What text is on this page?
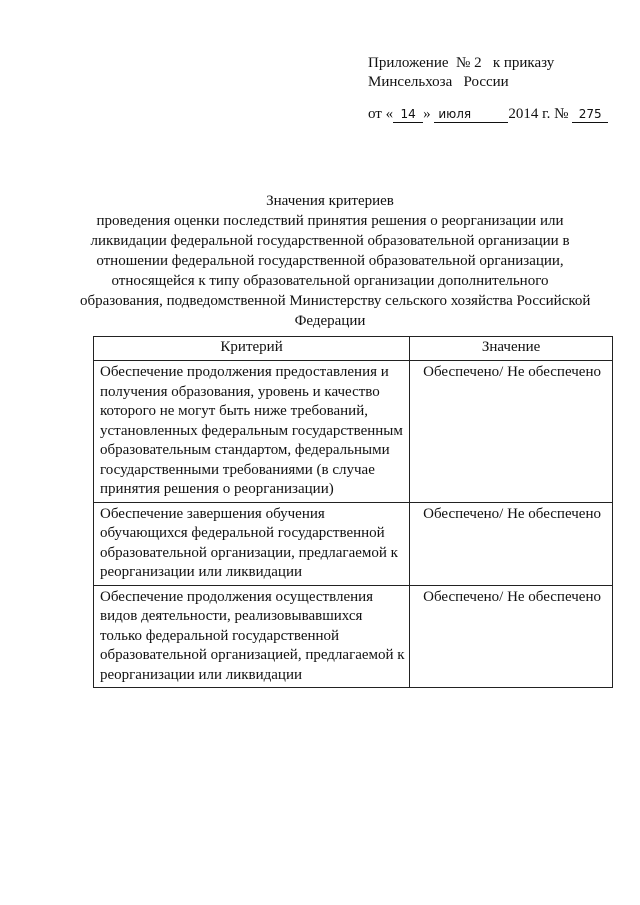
Приложение  № 2   к приказу
Минсельхоза   России
от « 14 » июля 2014 г. № 275
Значения критериев
проведения оценки последствий принятия решения о реорганизации или
ликвидации федеральной государственной образовательной организации в
отношении федеральной государственной образовательной организации,
относящейся к типу образовательной организации дополнительного
образования, подведомственной Министерству сельского хозяйства Российской
Федерации
Критерий	Значение
Обеспечение продолжения предоставления и получения образования, уровень и качество которого не могут быть ниже требований, установленных федеральным государственным образовательным стандартом, федеральными государственными требованиями (в случае принятия решения о реорганизации)	Обеспечено/ Не обеспечено
Обеспечение завершения обучения обучающихся федеральной государственной образовательной организации, предлагаемой к реорганизации или ликвидации	Обеспечено/ Не обеспечено
Обеспечение продолжения осуществления видов деятельности, реализовывавшихся только федеральной государственной образовательной организацией, предлагаемой к реорганизации или ликвидации	Обеспечено/ Не обеспечено
